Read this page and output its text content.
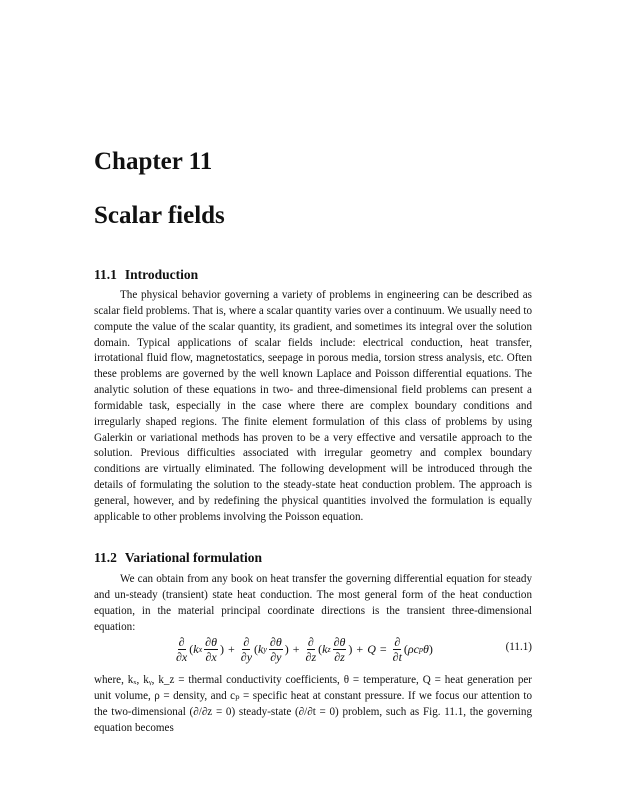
Chapter 11
Scalar fields
11.1 Introduction

The physical behavior governing a variety of problems in engineering can be described as scalar field problems. That is, where a scalar quantity varies over a continuum. We usually need to compute the value of the scalar quantity, its gradient, and sometimes its integral over the solution domain. Typical applications of scalar fields include: electrical conduction, heat transfer, irrotational fluid flow, magnetostatics, seepage in porous media, torsion stress analysis, etc. Often these problems are governed by the well known Laplace and Poisson differential equations. The analytic solution of these equations in two- and three-dimensional field problems can present a formidable task, especially in the case where there are complex boundary conditions and irregularly shaped regions. The finite element formulation of this class of problems by using Galerkin or variational methods has proven to be a very effective and versatile approach to the solution. Previous difficulties associated with irregular geometry and complex boundary conditions are virtually eliminated. The following development will be introduced through the details of formulating the solution to the steady-state heat conduction problem. The approach is general, however, and by redefining the physical quantities involved the formulation is equally applicable to other problems involving the Poisson equation.

11.2 Variational formulation

We can obtain from any book on heat transfer the governing differential equation for steady and un-steady (transient) state heat conduction. The most general form of the heat conduction equation, in the material principal coordinate directions is the transient three-dimensional equation:

$\frac{\partial}{\partial x}$ ( k x $\frac{\partial\theta}{\partial x}$ ) + $\frac{\partial}{\partial y}$ ( k y $\frac{\partial\theta}{\partial y}$ ) + $\frac{\partial}{\partial z}$ ( k z $\frac{\partial\theta}{\partial z}$ ) + $Q = \frac{\partial}{\partial t}$ ( ρc p θ )	(11.1)

where, kₓ, kᵧ, k_z = thermal conductivity coefficients, θ = temperature, Q = heat generation per unit volume, ρ = density, and cₚ = specific heat at constant pressure. If we focus our attention to the two-dimensional (∂/∂z = 0) steady-state (∂/∂t = 0) problem, such as Fig. 11.1, the governing equation becomes
